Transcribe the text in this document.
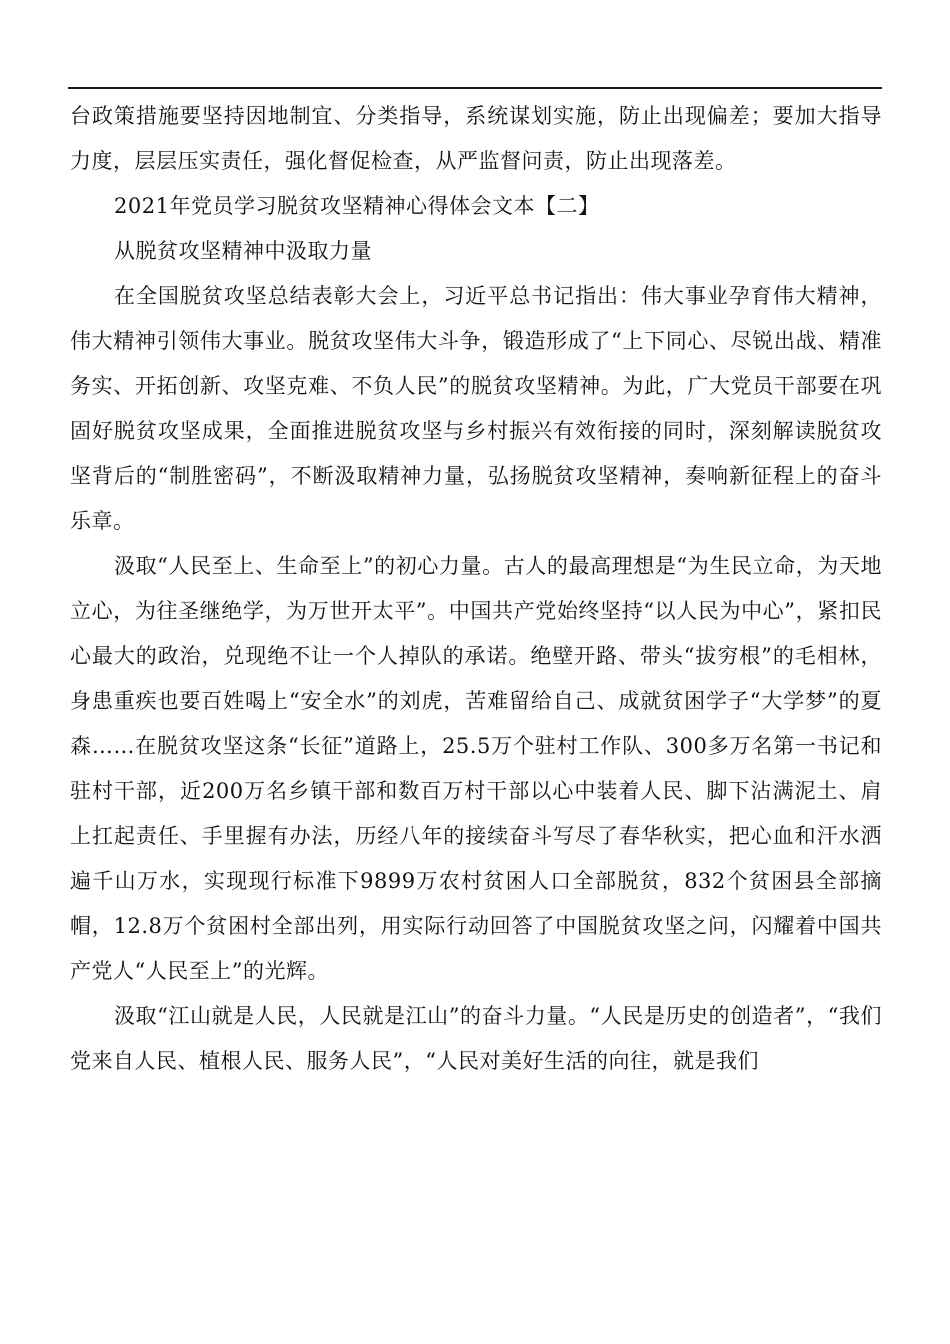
台政策措施要坚持因地制宜、分类指导，系统谋划实施，防止出现偏差；要加大指导力度，层层压实责任，强化督促检查，从严监督问责，防止出现落差。

2021年党员学习脱贫攻坚精神心得体会文本【二】

从脱贫攻坚精神中汲取力量

在全国脱贫攻坚总结表彰大会上，习近平总书记指出：伟大事业孕育伟大精神，伟大精神引领伟大事业。脱贫攻坚伟大斗争，锻造形成了“上下同心、尽锐出战、精准务实、开拓创新、攻坚克难、不负人民”的脱贫攻坚精神。为此，广大党员干部要在巩固好脱贫攻坚成果，全面推进脱贫攻坚与乡村振兴有效衔接的同时，深刻解读脱贫攻坚背后的“制胜密码”，不断汲取精神力量，弘扬脱贫攻坚精神，奏响新征程上的奋斗乐章。

汲取“人民至上、生命至上”的初心力量。古人的最高理想是“为生民立命，为天地立心，为往圣继绝学，为万世开太平”。中国共产党始终坚持“以人民为中心”，紧扣民心最大的政治，兑现绝不让一个人掉队的承诺。绝壁开路、带头“拔穷根”的毛相林，身患重疾也要百姓喝上“安全水”的刘虎，苦难留给自己、成就贫困学子“大学梦”的夏森……在脱贫攻坚这条“长征”道路上，25.5万个驻村工作队、300多万名第一书记和驻村干部，近200万名乡镇干部和数百万村干部以心中装着人民、脚下沾满泥土、肩上扛起责任、手里握有办法，历经八年的接续奋斗写尽了春华秋实，把心血和汗水洒遍千山万水，实现现行标准下9899万农村贫困人口全部脱贫，832个贫困县全部摘帽，12.8万个贫困村全部出列，用实际行动回答了中国脱贫攻坚之问，闪耀着中国共产党人“人民至上”的光辉。

汲取“江山就是人民，人民就是江山”的奋斗力量。“人民是历史的创造者”，“我们党来自人民、植根人民、服务人民”，“人民对美好生活的向往，就是我们
